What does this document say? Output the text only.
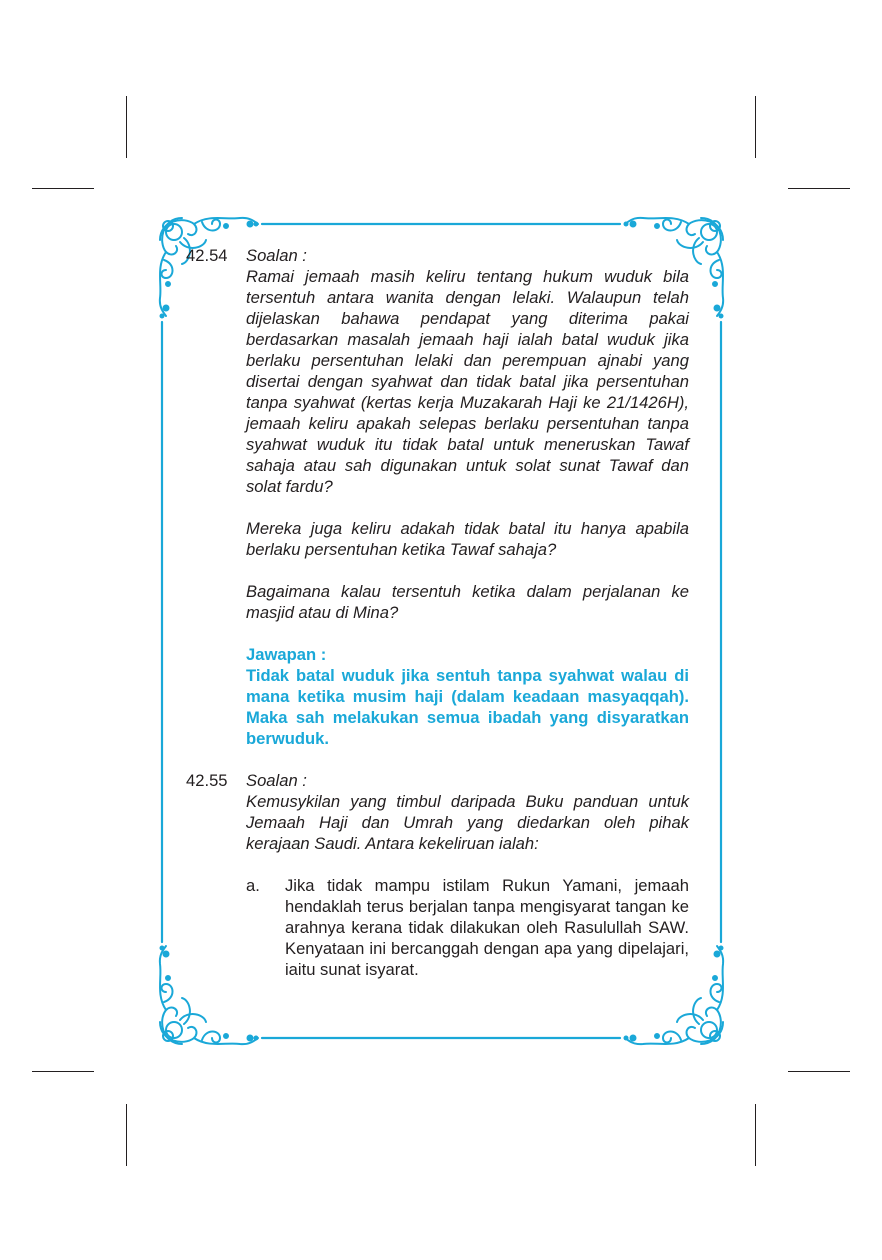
42.54	Soalan :

Ramai jemaah masih keliru tentang hukum wuduk bila tersentuh antara wanita dengan lelaki. Walaupun telah dijelaskan bahawa pendapat yang diterima pakai berdasarkan masalah jemaah haji ialah batal wuduk jika berlaku persentuhan lelaki dan perempuan ajnabi yang disertai dengan syahwat dan tidak batal jika persentuhan tanpa syahwat (kertas kerja Muzakarah Haji ke 21/1426H), jemaah keliru apakah selepas berlaku persentuhan tanpa syahwat wuduk itu tidak batal untuk meneruskan Tawaf sahaja atau sah digunakan untuk solat sunat Tawaf dan solat fardu?

Mereka juga keliru adakah tidak batal itu hanya apabila berlaku persentuhan ketika Tawaf sahaja?

Bagaimana kalau tersentuh ketika dalam perjalanan ke masjid atau di Mina?

Jawapan :

Tidak batal wuduk jika sentuh tanpa syahwat walau di mana ketika musim haji (dalam keadaan masyaqqah). Maka sah melakukan semua ibadah yang disyaratkan berwuduk.

42.55	Soalan :

Kemusykilan yang timbul daripada Buku panduan untuk Jemaah Haji dan Umrah yang diedarkan oleh pihak kerajaan Saudi. Antara kekeliruan ialah:

a.	Jika tidak mampu istilam Rukun Yamani, jemaah hendaklah terus berjalan tanpa mengisyarat tangan ke arahnya kerana tidak dilakukan oleh Rasulullah SAW. Kenyataan ini bercanggah dengan apa yang dipelajari, iaitu sunat isyarat.
